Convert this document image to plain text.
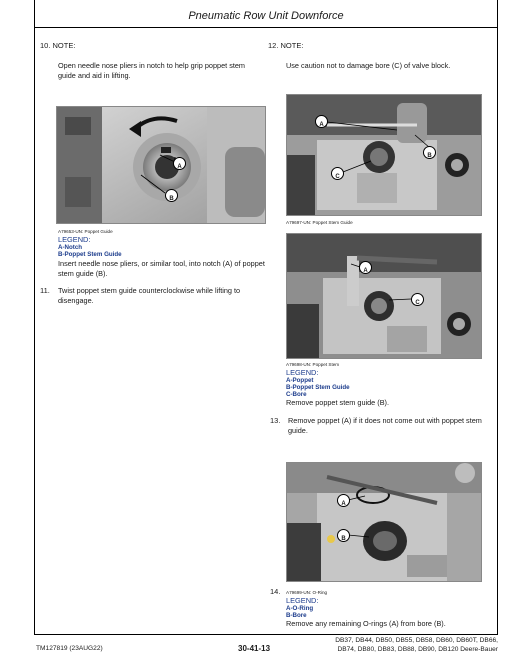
Pneumatic Row Unit Downforce
10. NOTE:
Open needle nose pliers in notch to help grip poppet stem guide and aid in lifting.
A
B
A79653-UN: Poppet Guide
LEGEND:
A-Notch
B-Poppet Stem Guide
Insert needle nose pliers, or similar tool, into notch (A) of poppet stem guide (B).
11. Twist poppet stem guide counterclockwise while lifting to disengage.
12. NOTE:
Use caution not to damage bore (C) of valve block.
A
B
C
A79697-UN: Poppet Stem Guide
A
C
A79698-UN: Poppet Stem
LEGEND:
A-Poppet
B-Poppet Stem Guide
C-Bore
Remove poppet stem guide (B).
13. Remove poppet (A) if it does not come out with poppet stem guide.
A
B
14. A79699-UN: O-Ring
LEGEND:
A-O-Ring
B-Bore
Remove any remaining O-rings (A) from bore (B).
TM127819 (23AUG22)	30-41-13
DB37, DB44, DB50, DB55, DB58, DB60, DB60T, DB66,
DB74, DB80, DB83, DB88, DB90, DB120 Deere-Bauer
